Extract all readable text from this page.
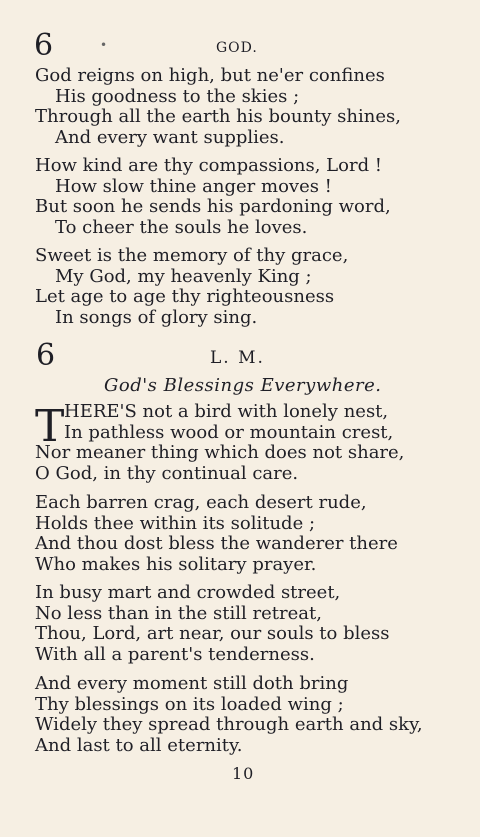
6	•	GOD.
God reigns on high, but ne'er confines
His goodness to the skies ;
Through all the earth his bounty shines,
And every want supplies.
How kind are thy compassions, Lord !
How slow thine anger moves !
But soon he sends his pardoning word,
To cheer the souls he loves.
Sweet is the memory of thy grace,
My God, my heavenly King ;
Let age to age thy righteousness
In songs of glory sing.
6	L. M.
God's Blessings Everywhere.
T HERE'S not a bird with lonely nest,
In pathless wood or mountain crest,
Nor meaner thing which does not share,
O God, in thy continual care.
Each barren crag, each desert rude,
Holds thee within its solitude ;
And thou dost bless the wanderer there
Who makes his solitary prayer.
In busy mart and crowded street,
No less than in the still retreat,
Thou, Lord, art near, our souls to bless
With all a parent's tenderness.
And every moment still doth bring
Thy blessings on its loaded wing ;
Widely they spread through earth and sky,
And last to all eternity.
10
